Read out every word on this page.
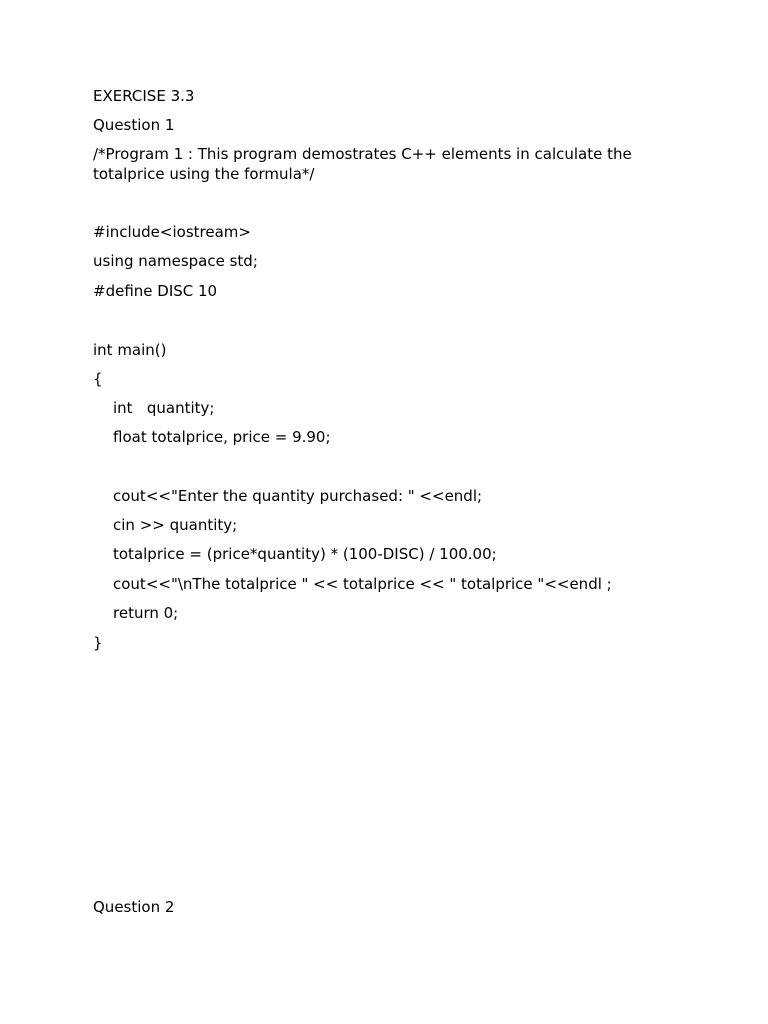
EXERCISE 3.3

Question 1

/*Program 1 : This program demostrates C++ elements in calculate the totalprice using the formula*/

#include<iostream>

using namespace std;

#define DISC 10

int main()

{

int   quantity;

float totalprice, price = 9.90;

cout<<"Enter the quantity purchased: " <<endl;

cin >> quantity;

totalprice = (price*quantity) * (100-DISC) / 100.00;

cout<<"\nThe totalprice " << totalprice << " totalprice "<<endl ;

return 0;

}

Question 2
